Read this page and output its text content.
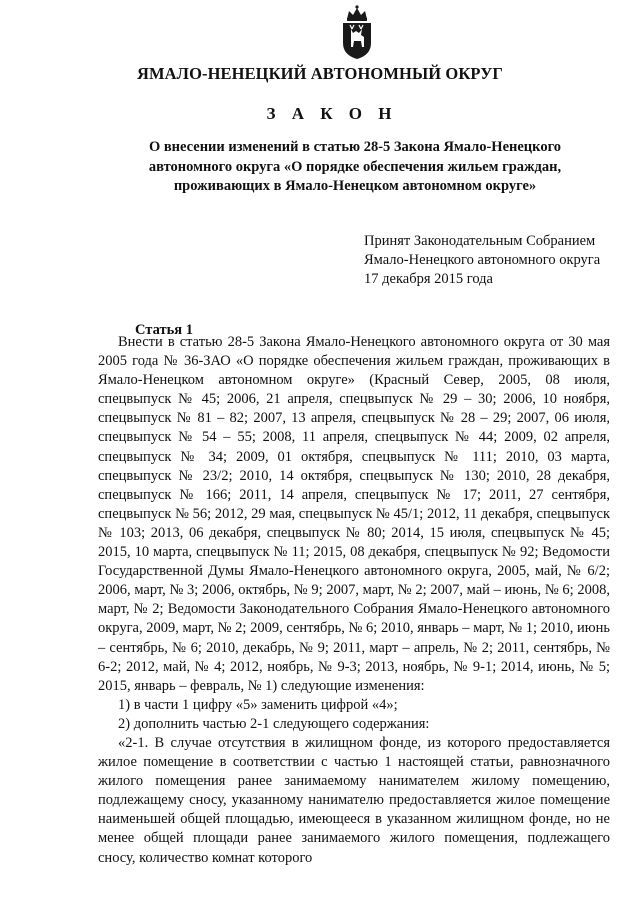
ЯМАЛО-НЕНЕЦКИЙ АВТОНОМНЫЙ ОКРУГ
З А К О Н
О внесении изменений в статью 28-5 Закона Ямало-Ненецкого автономного округа «О порядке обеспечения жильем граждан, проживающих в Ямало-Ненецком автономном округе»
Принят Законодательным Собранием
Ямало-Ненецкого автономного округа
17 декабря 2015 года
Статья 1

Внести в статью 28-5 Закона Ямало-Ненецкого автономного округа от 30 мая 2005 года № 36-ЗАО «О порядке обеспечения жильем граждан, проживающих в Ямало-Ненецком автономном округе» (Красный Север, 2005, 08 июля, спецвыпуск № 45; 2006, 21 апреля, спецвыпуск № 29 – 30; 2006, 10 ноября, спецвыпуск № 81 – 82; 2007, 13 апреля, спецвыпуск № 28 – 29; 2007, 06 июля, спецвыпуск № 54 – 55; 2008, 11 апреля, спецвыпуск № 44; 2009, 02 апреля, спецвыпуск № 34; 2009, 01 октября, спецвыпуск № 111; 2010, 03 марта, спецвыпуск № 23/2; 2010, 14 октября, спецвыпуск № 130; 2010, 28 декабря, спецвыпуск № 166; 2011, 14 апреля, спецвыпуск № 17; 2011, 27 сентября, спецвыпуск № 56; 2012, 29 мая, спецвыпуск № 45/1; 2012, 11 декабря, спецвыпуск № 103; 2013, 06 декабря, спецвыпуск № 80; 2014, 15 июля, спецвыпуск № 45; 2015, 10 марта, спецвыпуск № 11; 2015, 08 декабря, спецвыпуск № 92; Ведомости Государственной Думы Ямало-Ненецкого автономного округа, 2005, май, № 6/2; 2006, март, № 3; 2006, октябрь, № 9; 2007, март, № 2; 2007, май – июнь, № 6; 2008, март, № 2; Ведомости Законодательного Собрания Ямало-Ненецкого автономного округа, 2009, март, № 2; 2009, сентябрь, № 6; 2010, январь – март, № 1; 2010, июнь – сентябрь, № 6; 2010, декабрь, № 9; 2011, март – апрель, № 2; 2011, сентябрь, № 6-2; 2012, май, № 4; 2012, ноябрь, № 9-3; 2013, ноябрь, № 9-1; 2014, июнь, № 5; 2015, январь – февраль, № 1) следующие изменения:

1) в части 1 цифру «5» заменить цифрой «4»;

2) дополнить частью 2-1 следующего содержания:

«2-1. В случае отсутствия в жилищном фонде, из которого предоставляется жилое помещение в соответствии с частью 1 настоящей статьи, равнозначного жилого помещения ранее занимаемому нанимателем жилому помещению, подлежащему сносу, указанному нанимателю предоставляется жилое помещение наименьшей общей площадью, имеющееся в указанном жилищном фонде, но не менее общей площади ранее занимаемого жилого помещения, подлежащего сносу, количество комнат которого
